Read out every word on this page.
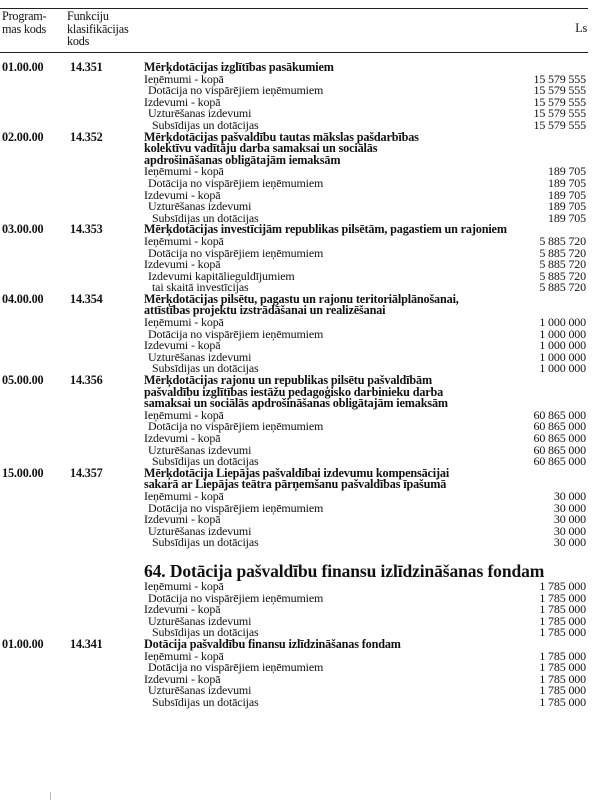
Program-
mas kods
Funkciju
klasifikācijas
kods
Ls
01.00.00 14.351	Mērķdotācijas izglītības pasākumiem
Ieņēmumi - kopā	15 579 555
Dotācija no vispārējiem ieņēmumiem	15 579 555
Izdevumi - kopā	15 579 555
Uzturēšanas izdevumi	15 579 555
Subsīdijas un dotācijas	15 579 555
02.00.00 14.352	Mērķdotācijas pašvaldību tautas mākslas pašdarbības
kolektīvu vadītāju darba samaksai un sociālās
apdrošināšanas obligātajām iemaksām
Ieņēmumi - kopā	189 705
Dotācija no vispārējiem ieņēmumiem	189 705
Izdevumi - kopā	189 705
Uzturēšanas izdevumi	189 705
Subsīdijas un dotācijas	189 705
03.00.00 14.353	Mērķdotācijas investīcijām republikas pilsētām, pagastiem un rajoniem
Ieņēmumi - kopā	5 885 720
Dotācija no vispārējiem ieņēmumiem	5 885 720
Izdevumi - kopā	5 885 720
Izdevumi kapitālieguldījumiem	5 885 720
tai skaitā investīcijas	5 885 720
04.00.00 14.354	Mērķdotācijas pilsētu, pagastu un rajonu teritoriālplānošanai,
attīstības projektu izstrādāšanai un realizēšanai
Ieņēmumi - kopā	1 000 000
Dotācija no vispārējiem ieņēmumiem	1 000 000
Izdevumi - kopā	1 000 000
Uzturēšanas izdevumi	1 000 000
Subsīdijas un dotācijas	1 000 000
05.00.00 14.356	Mērķdotācijas rajonu un republikas pilsētu pašvaldībām
pašvaldību izglītības iestāžu pedagoģisko darbinieku darba
samaksai un sociālās apdrošināšanas obligātajām iemaksām
Ieņēmumi - kopā	60 865 000
Dotācija no vispārējiem ieņēmumiem	60 865 000
Izdevumi - kopā	60 865 000
Uzturēšanas izdevumi	60 865 000
Subsīdijas un dotācijas	60 865 000
15.00.00 14.357	Mērķdotācija Liepājas pašvaldībai izdevumu kompensācijai
sakarā ar Liepājas teātra pārņemšanu pašvaldības īpašumā
Ieņēmumi - kopā	30 000
Dotācija no vispārējiem ieņēmumiem	30 000
Izdevumi - kopā	30 000
Uzturēšanas izdevumi	30 000
Subsīdijas un dotācijas	30 000
64. Dotācija pašvaldību finansu izlīdzināšanas fondam
Ieņēmumi - kopā	1 785 000
Dotācija no vispārējiem ieņēmumiem	1 785 000
Izdevumi - kopā	1 785 000
Uzturēšanas izdevumi	1 785 000
Subsīdijas un dotācijas	1 785 000
01.00.00 14.341	Dotācija pašvaldību finansu izlīdzināšanas fondam
Ieņēmumi - kopā	1 785 000
Dotācija no vispārējiem ieņēmumiem	1 785 000
Izdevumi - kopā	1 785 000
Uzturēšanas izdevumi	1 785 000
Subsīdijas un dotācijas	1 785 000
